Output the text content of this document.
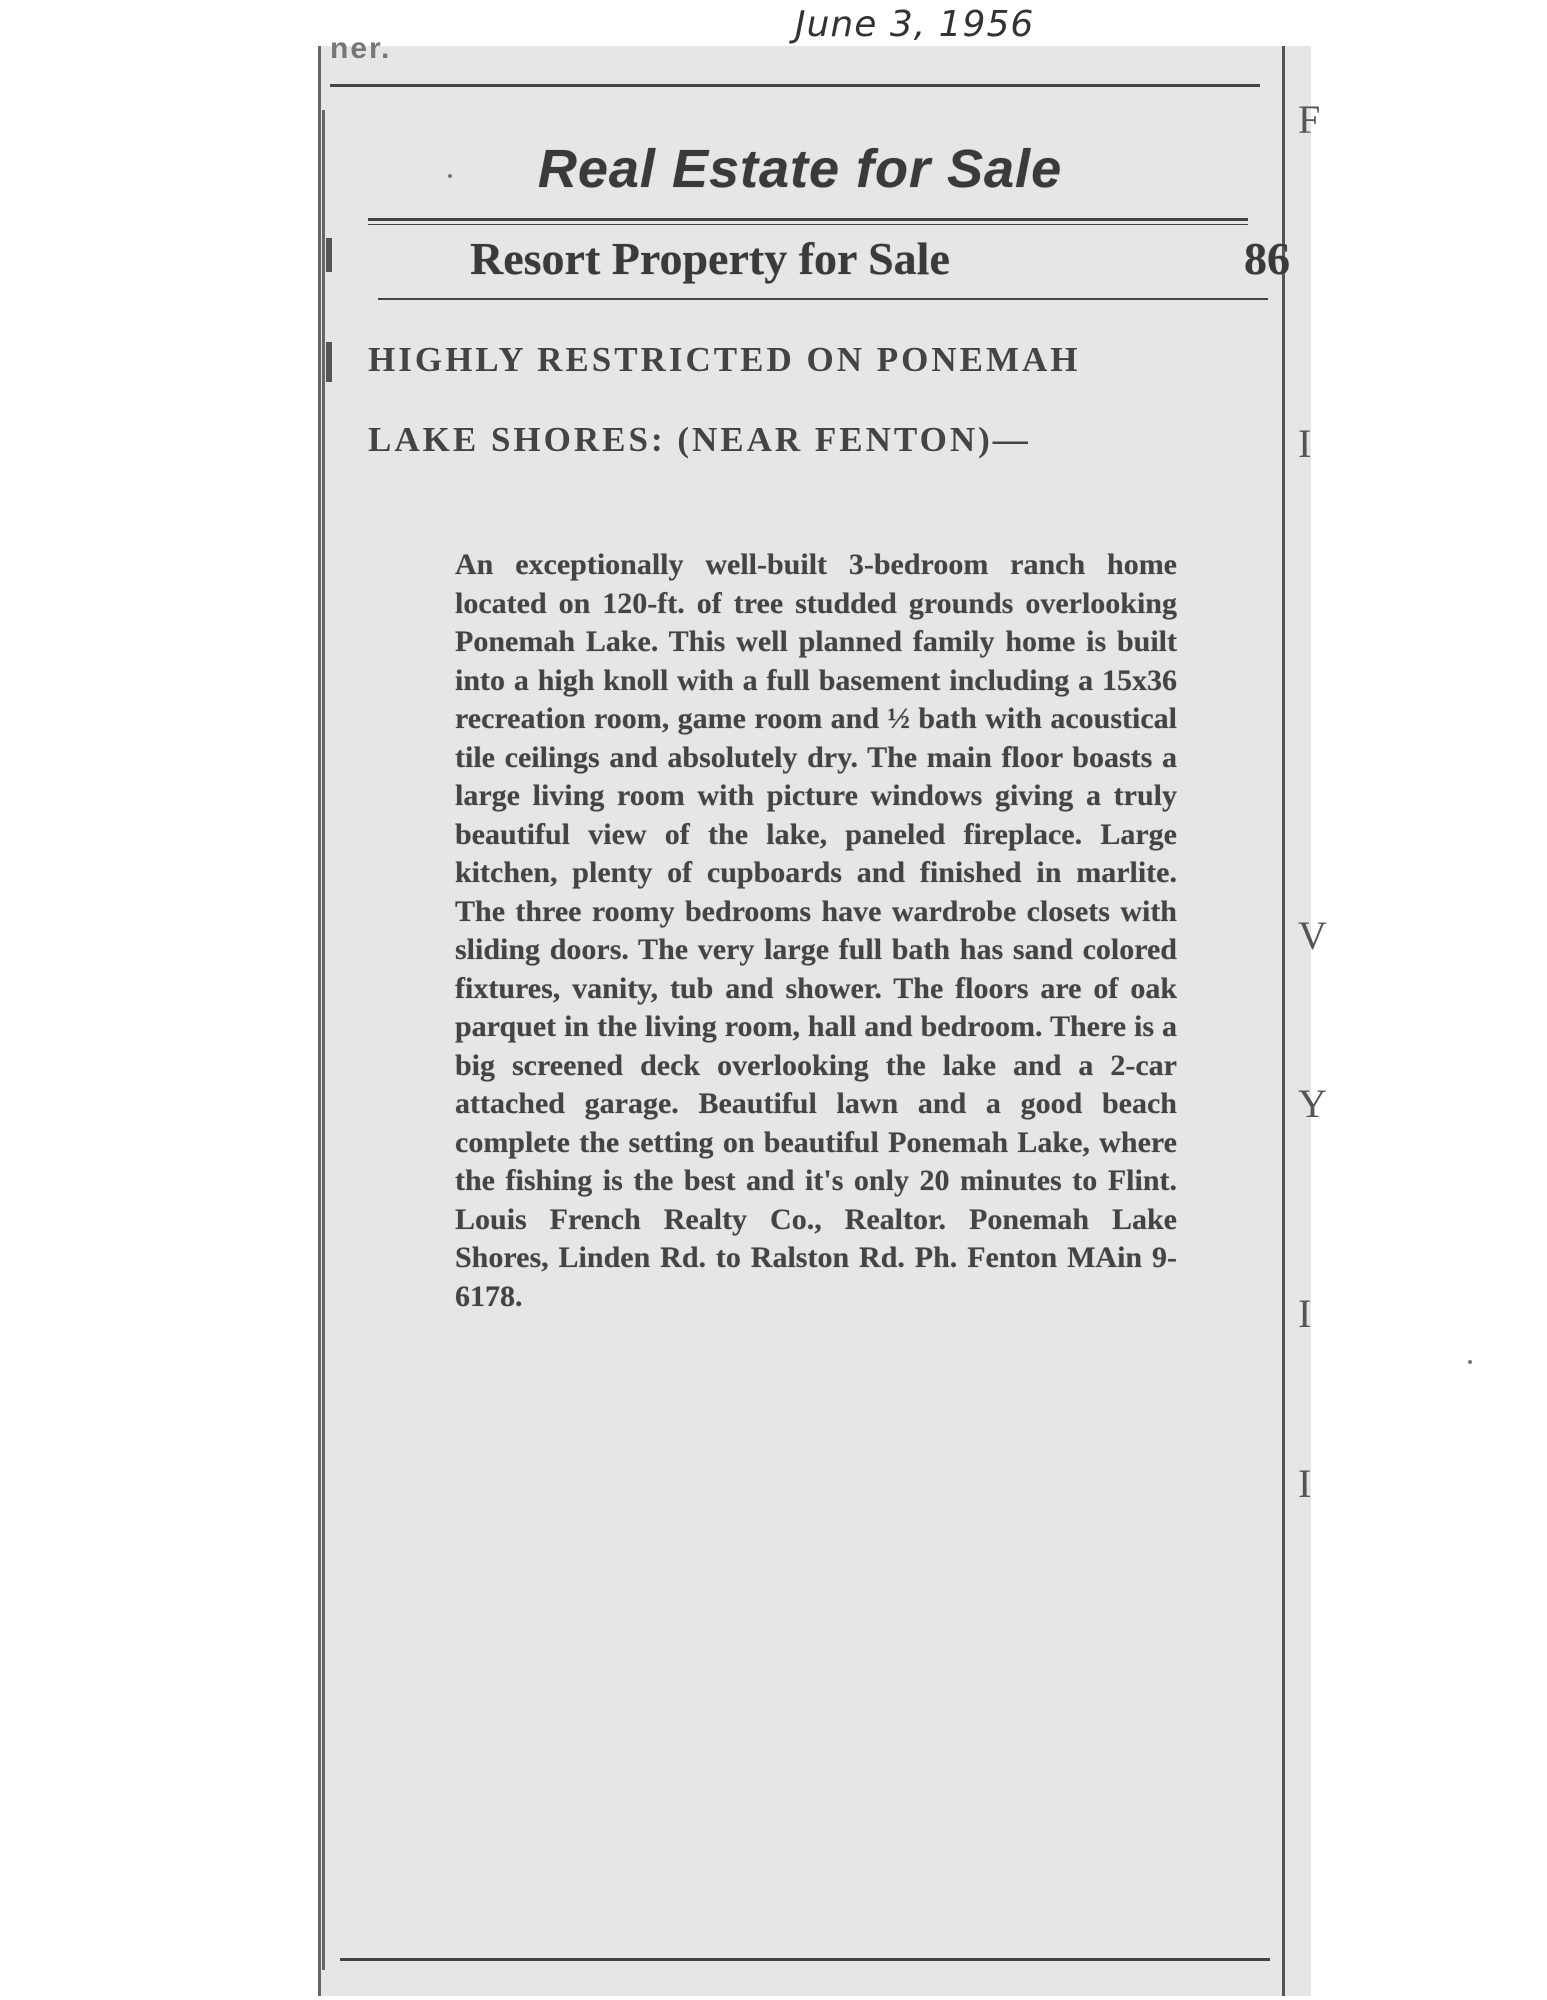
June 3, 1956
ner.
F
I
V
Y
I
I
Real Estate for Sale
Resort Property for Sale	86
HIGHLY RESTRICTED ON PONEMAH
LAKE SHORES: (NEAR FENTON)—
An exceptionally well-built 3-bedroom ranch home located on 120-ft. of tree studded grounds overlooking Ponemah Lake. This well planned family home is built into a high knoll with a full basement including a 15x36 recreation room, game room and ½ bath with acoustical tile ceilings and absolutely dry. The main floor boasts a large living room with picture windows giving a truly beautiful view of the lake, paneled fireplace. Large kitchen, plenty of cupboards and finished in marlite. The three roomy bedrooms have wardrobe closets with sliding doors. The very large full bath has sand colored fixtures, vanity, tub and shower. The floors are of oak parquet in the living room, hall and bedroom. There is a big screened deck overlooking the lake and a 2-car attached garage. Beautiful lawn and a good beach complete the setting on beautiful Ponemah Lake, where the fishing is the best and it's only 20 minutes to Flint. Louis French Realty Co., Realtor. Ponemah Lake Shores, Linden Rd. to Ralston Rd. Ph. Fenton MAin 9-6178.
